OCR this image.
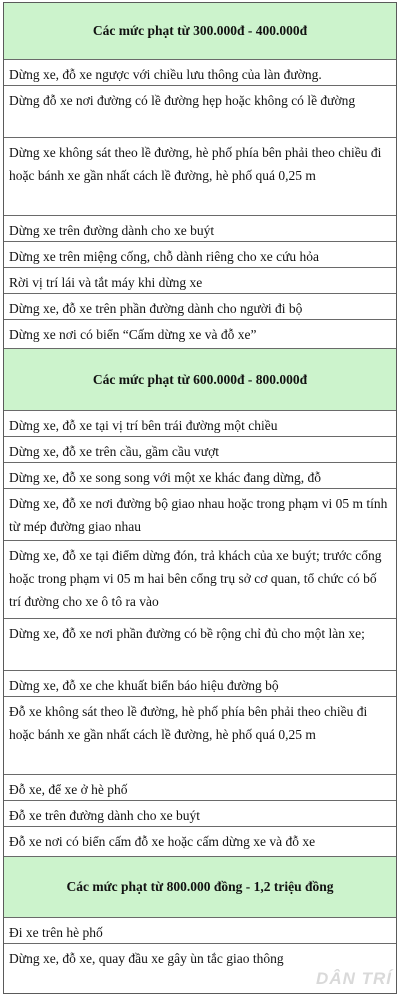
Các mức phạt từ 300.000đ - 400.000đ
Dừng xe, đỗ xe ngược với chiều lưu thông của làn đường.
Dừng đỗ xe nơi đường có lề đường hẹp hoặc không có lề đường
Dừng xe không sát theo lề đường, hè phố phía bên phải theo chiều đi hoặc bánh xe gần nhất cách lề đường, hè phố quá 0,25 m
Dừng xe trên đường dành cho xe buýt
Dừng xe trên miệng cống, chỗ dành riêng cho xe cứu hỏa
Rời vị trí lái và tắt máy khi dừng xe
Dừng xe, đỗ xe trên phần đường dành cho người đi bộ
Dừng xe nơi có biển “Cấm dừng xe và đỗ xe”
Các mức phạt từ 600.000đ - 800.000đ
Dừng xe, đỗ xe tại vị trí bên trái đường một chiều
Dừng xe, đỗ xe trên cầu, gầm cầu vượt
Dừng xe, đỗ xe song song với một xe khác đang dừng, đỗ
Dừng xe, đỗ xe nơi đường bộ giao nhau hoặc trong phạm vi 05 m tính từ mép đường giao nhau
Dừng xe, đỗ xe tại điểm dừng đón, trả khách của xe buýt; trước cổng hoặc trong phạm vi 05 m hai bên cổng trụ sở cơ quan, tổ chức có bố trí đường cho xe ô tô ra vào
Dừng xe, đỗ xe nơi phần đường có bề rộng chỉ đủ cho một làn xe;
Dừng xe, đỗ xe che khuất biển báo hiệu đường bộ
Đỗ xe không sát theo lề đường, hè phố phía bên phải theo chiều đi hoặc bánh xe gần nhất cách lề đường, hè phố quá 0,25 m
Đỗ xe, để xe ở hè phố
Đỗ xe trên đường dành cho xe buýt
Đỗ xe nơi có biển cấm đỗ xe hoặc cấm dừng xe và đỗ xe
Các mức phạt từ 800.000 đồng - 1,2 triệu đồng
Đi xe trên hè phố
Dừng xe, đỗ xe, quay đầu xe gây ùn tắc giao thông
DÂN TRÍ
